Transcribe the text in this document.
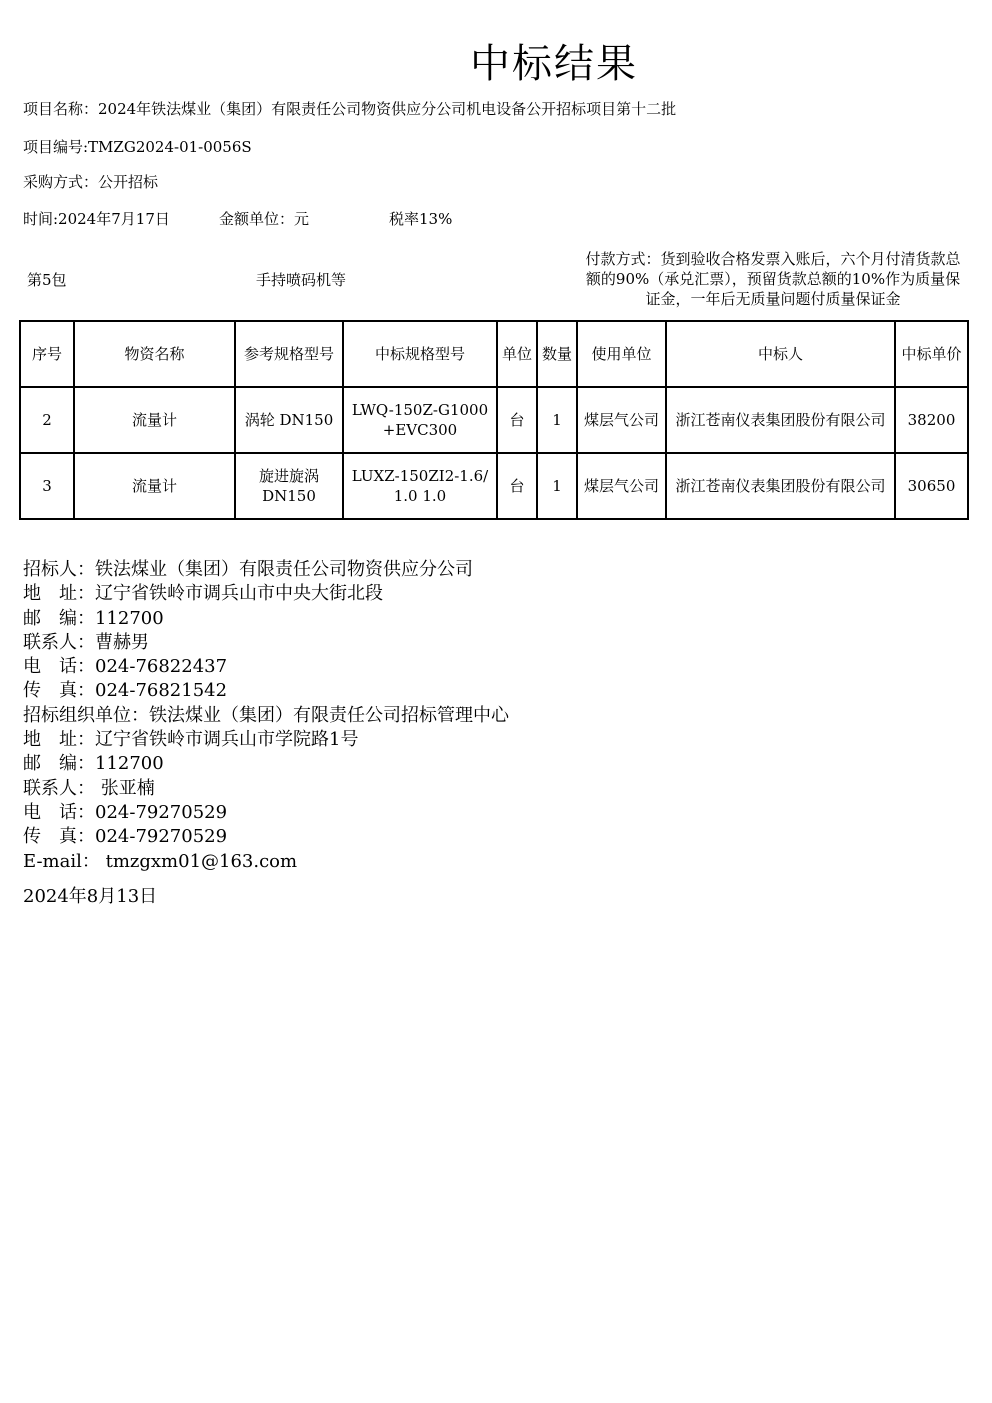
中标结果
项目名称：2024年铁法煤业（集团）有限责任公司物资供应分公司机电设备公开招标项目第十二批
项目编号:TMZG2024-01-0056S
采购方式：公开招标
时间:2024年7月17日	金额单位：元	税率13%
第5包	手持喷码机等
付款方式：货到验收合格发票入账后，六个月付清货款总额的90%（承兑汇票），预留货款总额的10%作为质量保证金，一年后无质量问题付质量保证金
序号	物资名称	参考规格型号	中标规格型号	单位	数量	使用单位	中标人	中标单价
2	流量计	涡轮 DN150	LWQ-150Z-G1000+EVC300	台	1	煤层气公司	浙江苍南仪表集团股份有限公司	38200
3	流量计	旋进旋涡DN150	LUXZ-150ZI2-1.6/1.0 1.0	台	1	煤层气公司	浙江苍南仪表集团股份有限公司	30650
招标人：铁法煤业（集团）有限责任公司物资供应分公司
地　址：辽宁省铁岭市调兵山市中央大街北段
邮　编：112700
联系人：曹赫男
电　话：024-76822437
传　真：024-76821542
招标组织单位：铁法煤业（集团）有限责任公司招标管理中心
地　址：辽宁省铁岭市调兵山市学院路1号
邮　编：112700
联系人： 张亚楠
电　话：024-79270529
传　真：024-79270529
E-mail： tmzgxm01@163.com
2024年8月13日
